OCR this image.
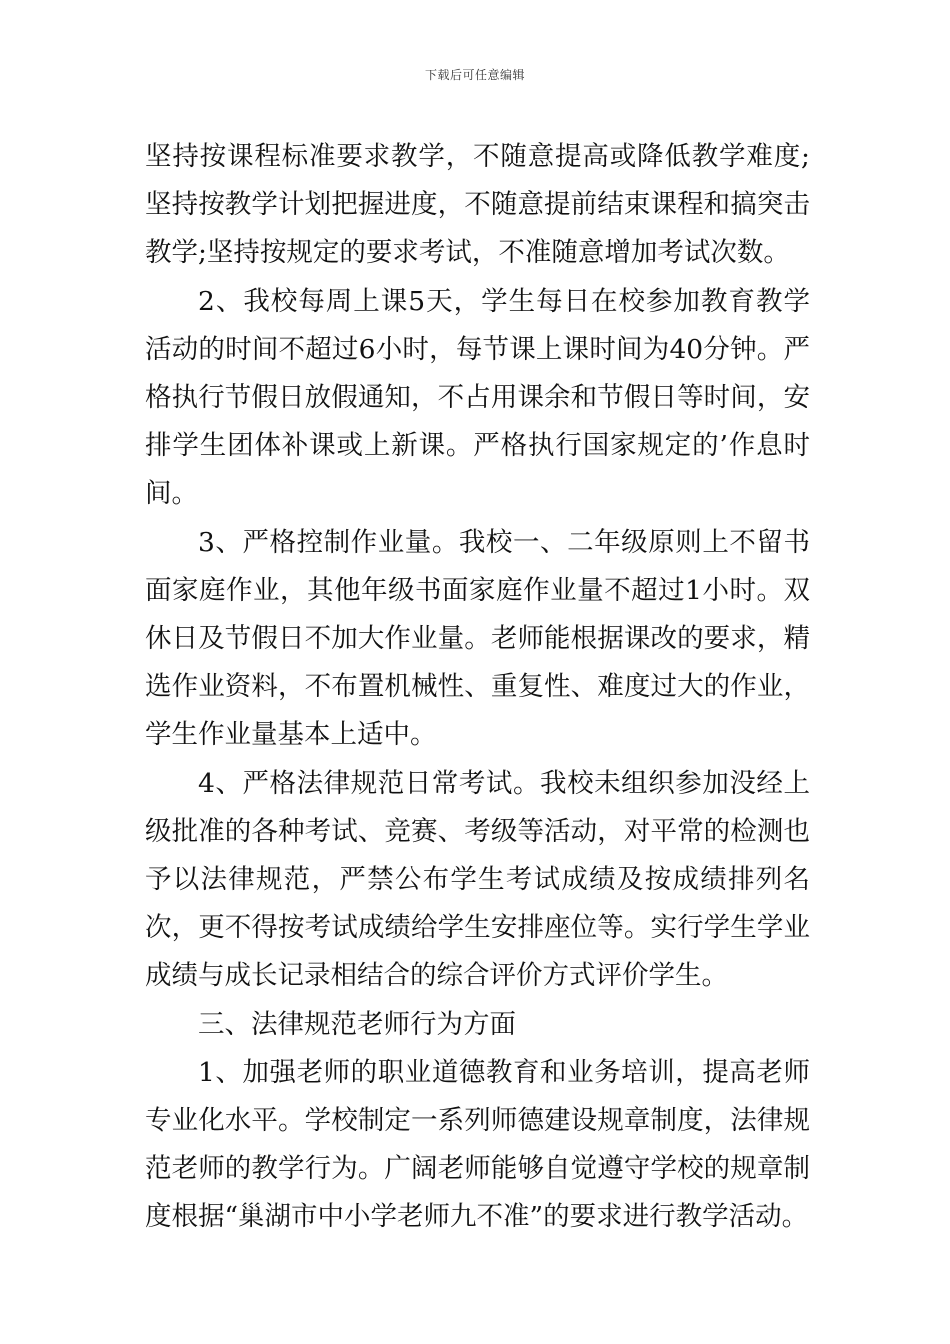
下载后可任意编辑

坚持按课程标准要求教学，不随意提高或降低教学难度;坚持按教学计划把握进度，不随意提前结束课程和搞突击教学;坚持按规定的要求考试，不准随意增加考试次数。

2、我校每周上课5天，学生每日在校参加教育教学活动的时间不超过6小时，每节课上课时间为40分钟。严格执行节假日放假通知，不占用课余和节假日等时间，安排学生团体补课或上新课。严格执行国家规定的’作息时间。

3、严格控制作业量。我校一、二年级原则上不留书面家庭作业，其他年级书面家庭作业量不超过1小时。双休日及节假日不加大作业量。老师能根据课改的要求，精选作业资料，不布置机械性、重复性、难度过大的作业，学生作业量基本上适中。

4、严格法律规范日常考试。我校未组织参加没经上级批准的各种考试、竞赛、考级等活动，对平常的检测也予以法律规范，严禁公布学生考试成绩及按成绩排列名次，更不得按考试成绩给学生安排座位等。实行学生学业成绩与成长记录相结合的综合评价方式评价学生。

三、法律规范老师行为方面

1、加强老师的职业道德教育和业务培训，提高老师专业化水平。学校制定一系列师德建设规章制度，法律规范老师的教学行为。广阔老师能够自觉遵守学校的规章制度根据“巢湖市中小学老师九不准”的要求进行教学活动。
